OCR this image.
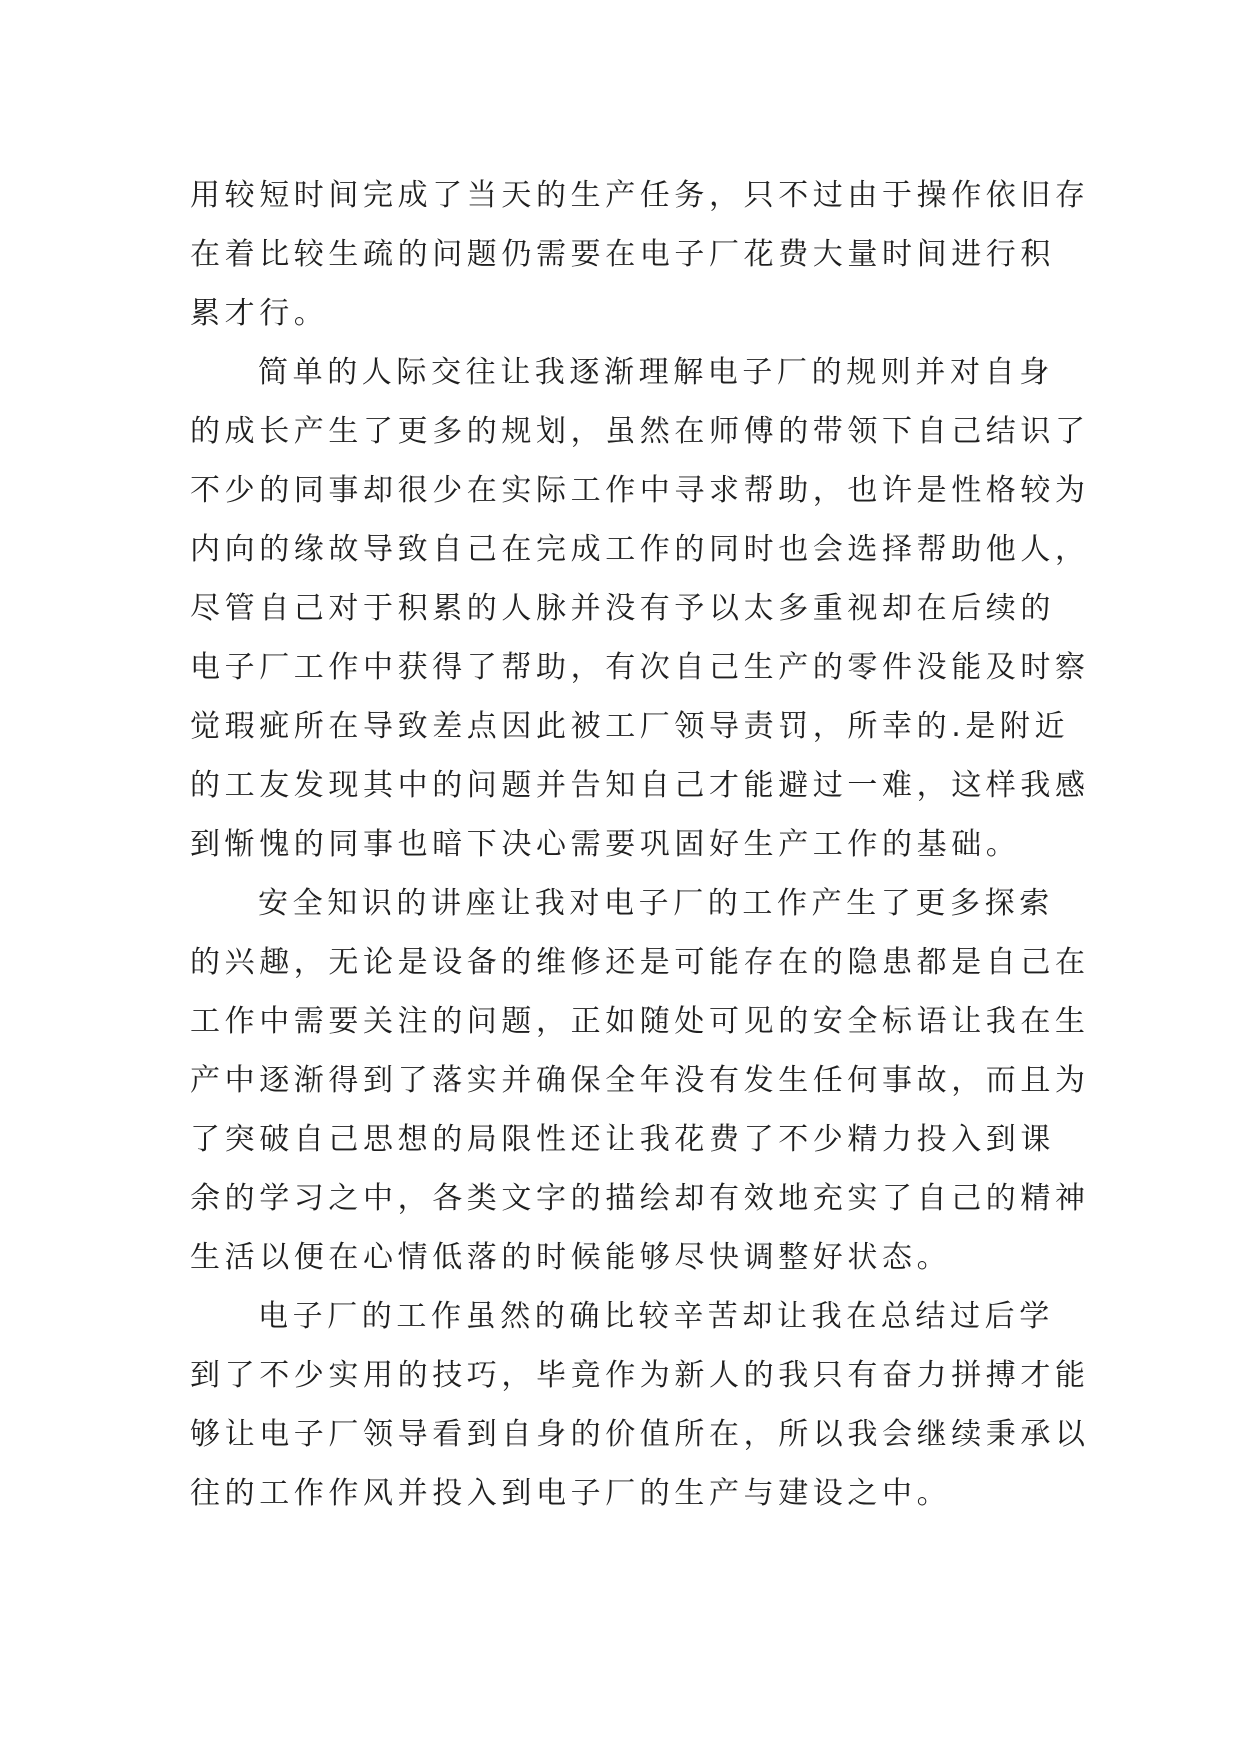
用较短时间完成了当天的生产任务，只不过由于操作依旧存
在着比较生疏的问题仍需要在电子厂花费大量时间进行积
累才行。
简单的人际交往让我逐渐理解电子厂的规则并对自身
的成长产生了更多的规划，虽然在师傅的带领下自己结识了
不少的同事却很少在实际工作中寻求帮助，也许是性格较为
内向的缘故导致自己在完成工作的同时也会选择帮助他人，
尽管自己对于积累的人脉并没有予以太多重视却在后续的
电子厂工作中获得了帮助，有次自己生产的零件没能及时察
觉瑕疵所在导致差点因此被工厂领导责罚，所幸的.是附近
的工友发现其中的问题并告知自己才能避过一难，这样我感
到惭愧的同事也暗下决心需要巩固好生产工作的基础。
安全知识的讲座让我对电子厂的工作产生了更多探索
的兴趣，无论是设备的维修还是可能存在的隐患都是自己在
工作中需要关注的问题，正如随处可见的安全标语让我在生
产中逐渐得到了落实并确保全年没有发生任何事故，而且为
了突破自己思想的局限性还让我花费了不少精力投入到课
余的学习之中，各类文字的描绘却有效地充实了自己的精神
生活以便在心情低落的时候能够尽快调整好状态。
电子厂的工作虽然的确比较辛苦却让我在总结过后学
到了不少实用的技巧，毕竟作为新人的我只有奋力拼搏才能
够让电子厂领导看到自身的价值所在，所以我会继续秉承以
往的工作作风并投入到电子厂的生产与建设之中。
